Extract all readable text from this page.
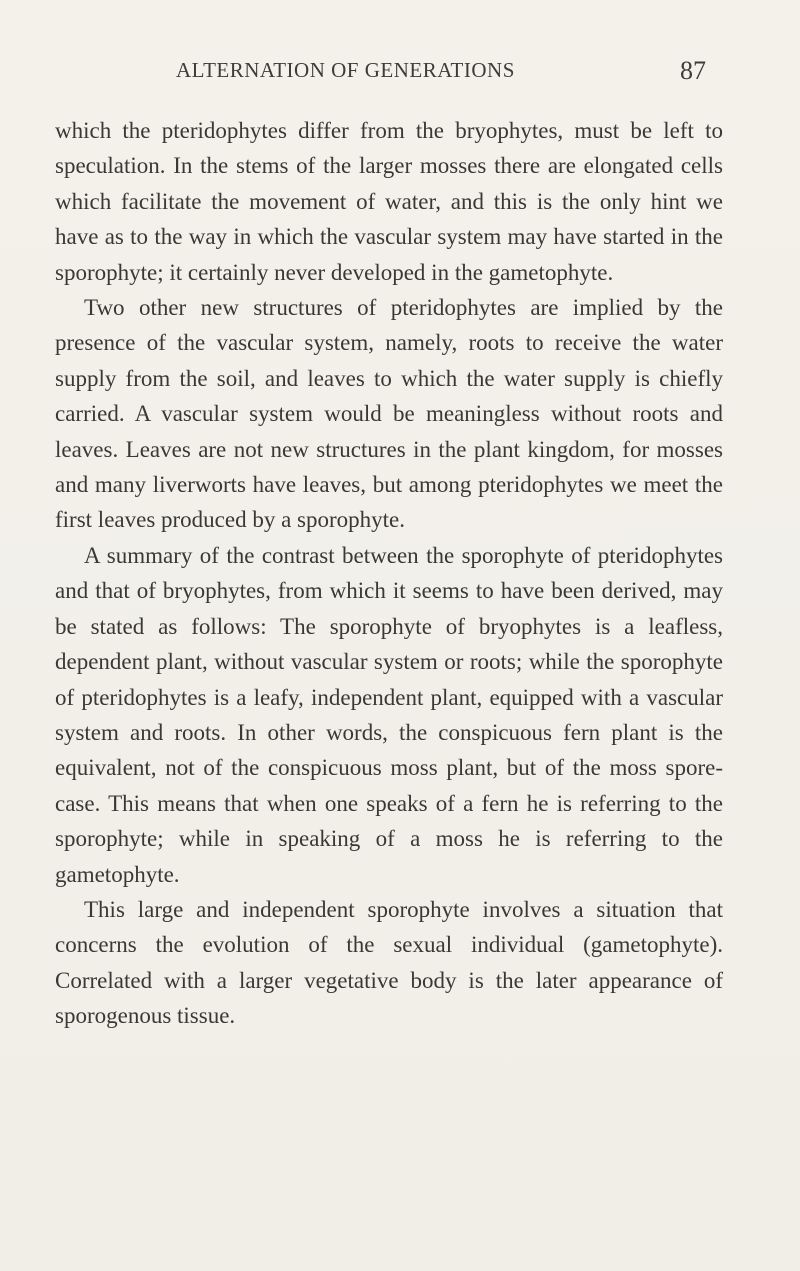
ALTERNATION OF GENERATIONS	87

which the pteridophytes differ from the bryophytes, must be left to speculation. In the stems of the larger mosses there are elongated cells which facilitate the movement of water, and this is the only hint we have as to the way in which the vascular system may have started in the sporophyte; it certainly never developed in the gametophyte.

Two other new structures of pteridophytes are implied by the presence of the vascular system, namely, roots to receive the water supply from the soil, and leaves to which the water supply is chiefly carried. A vascular system would be meaningless without roots and leaves. Leaves are not new structures in the plant kingdom, for mosses and many liverworts have leaves, but among pteridophytes we meet the first leaves produced by a sporophyte.

A summary of the contrast between the sporophyte of pteridophytes and that of bryophytes, from which it seems to have been derived, may be stated as follows: The sporophyte of bryophytes is a leafless, dependent plant, without vascular system or roots; while the sporophyte of pteridophytes is a leafy, independent plant, equipped with a vascular system and roots. In other words, the conspicuous fern plant is the equivalent, not of the conspicuous moss plant, but of the moss spore-case. This means that when one speaks of a fern he is referring to the sporophyte; while in speaking of a moss he is referring to the gametophyte.

This large and independent sporophyte involves a situation that concerns the evolution of the sexual individual (gametophyte). Correlated with a larger vegetative body is the later appearance of sporogenous tissue.
